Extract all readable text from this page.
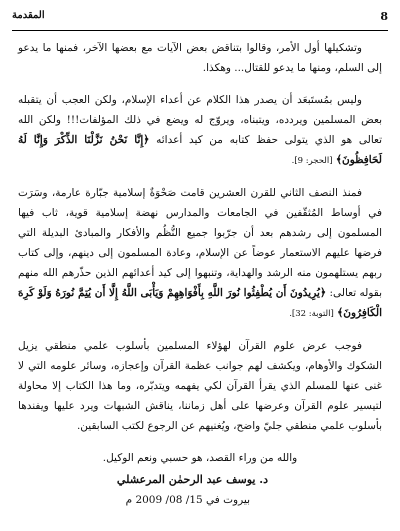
8
المقدمة

وتشكيلها أول الأمر، وقالوا بتناقض بعض الآيات مع بعضها الآخر، فمنها ما يدعو إلى السلم، ومنها ما يدعو للقتال... وهكذا.

وليس بمُستَبعَد أن يصدر هذا الكلام عن أعداء الإسلام، ولكن العجب أن يتقبله بعض المسلمين ويردده، ويتبناه، ويروّج له ويضع في ذلك المؤلفات!!! ولكن الله تعالى هو الذي يتولى حفظ كتابه من كيد أعدائه ﴿إِنَّا نَحْنُ نَزَّلْنَا الذِّكْرَ وَإِنَّا لَهُ لَحَافِظُونَ﴾ [الحجر: 9].

فمنذ النصف الثاني للقرن العشرين قامت صَحْوَةٌ إسلامية جبّارة عارمة، وسَرَت في أوساط المُثقّفين في الجامعات والمدارس نهضة إسلامية قوية، ثاب فيها المسلمون إلى رشدهم بعد أن جرّبوا جميع النُّظُم والأفكار والمبادئ البديلة التي فرضها عليهم الاستعمار عوضاً عن الإسلام، وعادة المسلمون إلى دينهم، وإلى كتاب ربهم يستلهمون منه الرشد والهداية، وتنبهوا إلى كيد أعدائهم الذين حذّرهم الله منهم بقوله تعالى: ﴿يُرِيدُونَ أَن يُطْفِئُوا نُورَ اللَّهِ بِأَفْوَاهِهِمْ وَيَأْبَى اللَّهُ إِلَّا أَن يُتِمَّ نُورَهُ وَلَوْ كَرِهَ الْكَافِرُونَ﴾ [التوبة: 32].

فوجب عرض علوم القرآن لهؤلاء المسلمين بأسلوب علمي منطقي يزيل الشكوك والأوهام، ويكشف لهم جوانب عظمة القرآن وإعجازه، وسائر علومه التي لا غنى عنها للمسلم الذي يقرأ القرآن لكي يفهمه ويتدبّره، وما هذا الكتاب إلا محاولة لتيسير علوم القرآن وعرضها على أهل زماننا، يناقش الشبهات ويرد عليها ويفندها بأسلوب علمي منطقي جليّ واضح، ويُغنيهم عن الرجوع لكتب السابقين.

والله من وراء القصد، هو حسبي ونعم الوكيل.

د. يوسف عبد الرحمٰن المرعشلي
بيروت في 15/ 08/ 2009 م
